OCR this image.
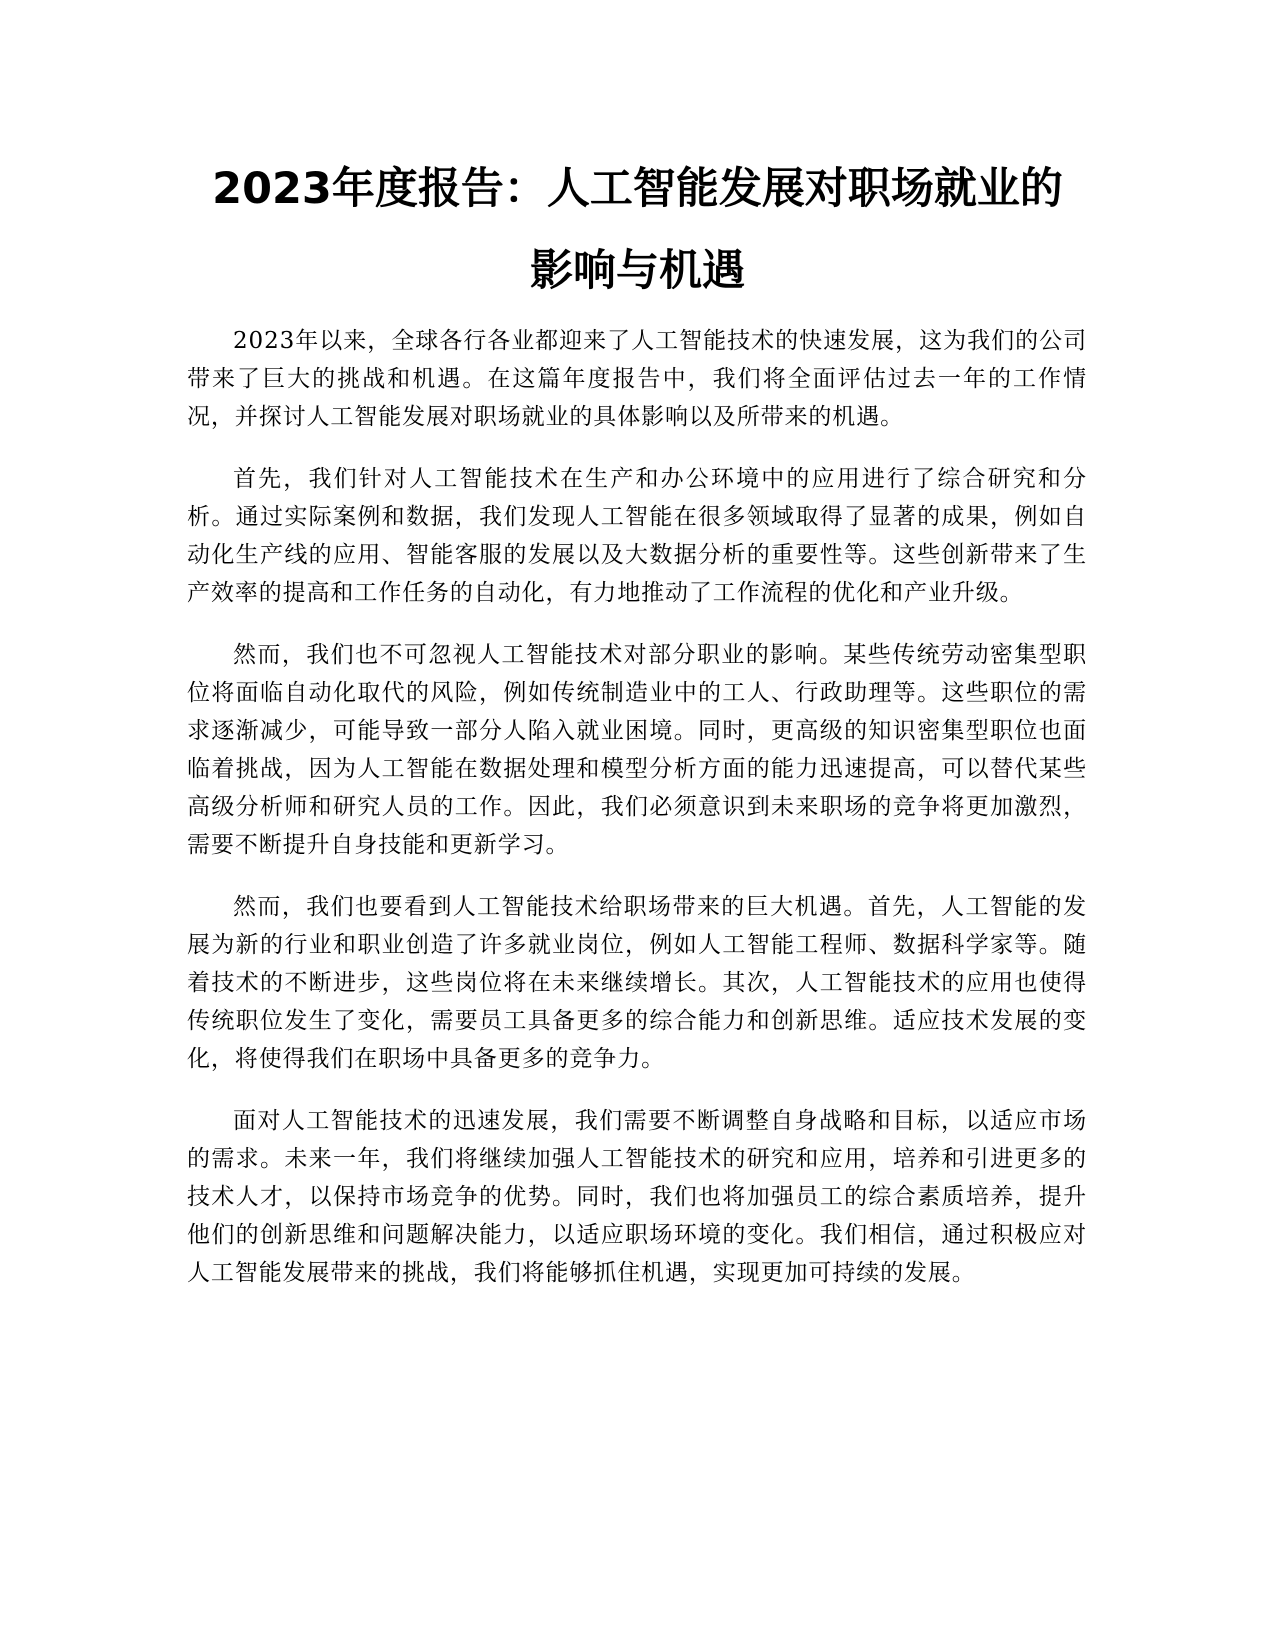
2023年度报告：人工智能发展对职场就业的
影响与机遇

2023年以来，全球各行各业都迎来了人工智能技术的快速发展，这为我们的公司带来了巨大的挑战和机遇。在这篇年度报告中，我们将全面评估过去一年的工作情况，并探讨人工智能发展对职场就业的具体影响以及所带来的机遇。

首先，我们针对人工智能技术在生产和办公环境中的应用进行了综合研究和分析。通过实际案例和数据，我们发现人工智能在很多领域取得了显著的成果，例如自动化生产线的应用、智能客服的发展以及大数据分析的重要性等。这些创新带来了生产效率的提高和工作任务的自动化，有力地推动了工作流程的优化和产业升级。

然而，我们也不可忽视人工智能技术对部分职业的影响。某些传统劳动密集型职位将面临自动化取代的风险，例如传统制造业中的工人、行政助理等。这些职位的需求逐渐减少，可能导致一部分人陷入就业困境。同时，更高级的知识密集型职位也面临着挑战，因为人工智能在数据处理和模型分析方面的能力迅速提高，可以替代某些高级分析师和研究人员的工作。因此，我们必须意识到未来职场的竞争将更加激烈，需要不断提升自身技能和更新学习。

然而，我们也要看到人工智能技术给职场带来的巨大机遇。首先，人工智能的发展为新的行业和职业创造了许多就业岗位，例如人工智能工程师、数据科学家等。随着技术的不断进步，这些岗位将在未来继续增长。其次，人工智能技术的应用也使得传统职位发生了变化，需要员工具备更多的综合能力和创新思维。适应技术发展的变化，将使得我们在职场中具备更多的竞争力。

面对人工智能技术的迅速发展，我们需要不断调整自身战略和目标，以适应市场的需求。未来一年，我们将继续加强人工智能技术的研究和应用，培养和引进更多的技术人才，以保持市场竞争的优势。同时，我们也将加强员工的综合素质培养，提升他们的创新思维和问题解决能力，以适应职场环境的变化。我们相信，通过积极应对人工智能发展带来的挑战，我们将能够抓住机遇，实现更加可持续的发展。
